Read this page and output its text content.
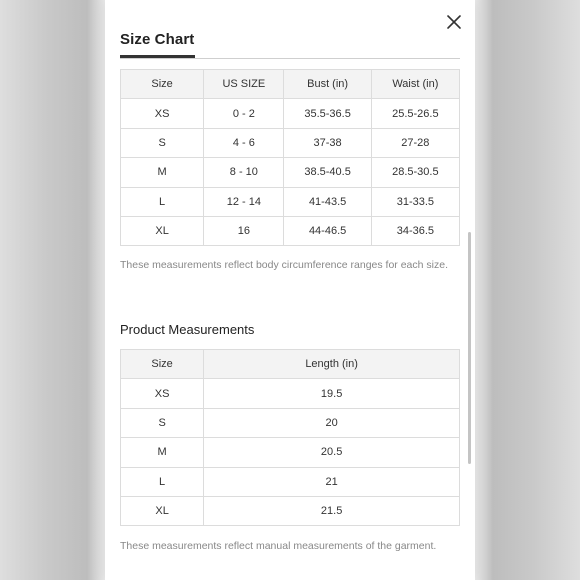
Size Chart
Size	US SIZE	Bust (in)	Waist (in)
XS	0 - 2	35.5-36.5	25.5-26.5
S	4 - 6	37-38	27-28
M	8 - 10	38.5-40.5	28.5-30.5
L	12 - 14	41-43.5	31-33.5
XL	16	44-46.5	34-36.5
These measurements reflect body circumference ranges for each size.
Product Measurements
Size	Length (in)
XS	19.5
S	20
M	20.5
L	21
XL	21.5
These measurements reflect manual measurements of the garment.
